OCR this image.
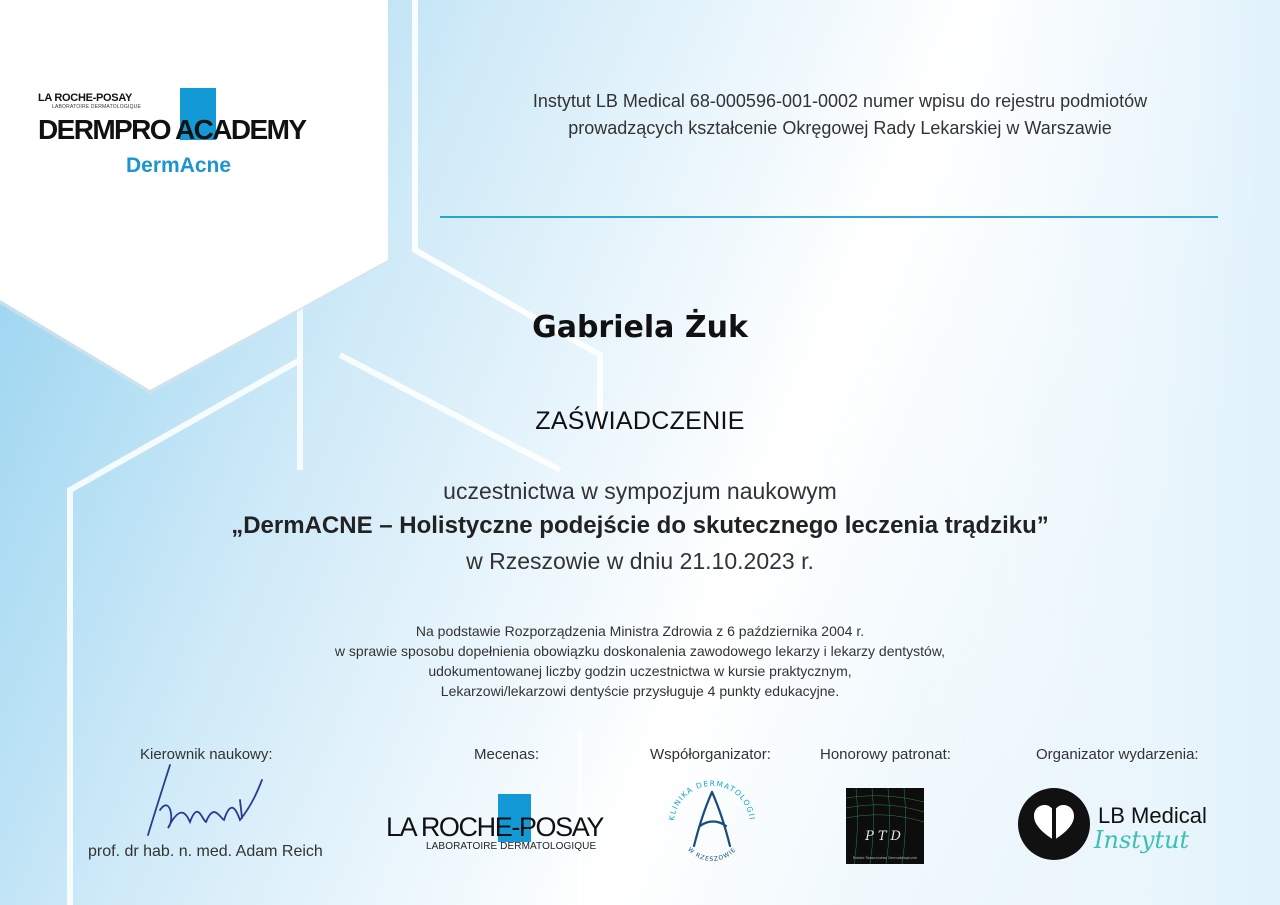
LA ROCHE-POSAY
LABORATOIRE DERMATOLOGIQUE
DERMPRO ACADEMY
DermAcne
Instytut LB Medical 68-000596-001-0002 numer wpisu do rejestru podmiotów
prowadzących kształcenie Okręgowej Rady Lekarskiej w Warszawie
Gabriela Żuk
ZAŚWIADCZENIE
uczestnictwa w sympozjum naukowym
„DermACNE – Holistyczne podejście do skutecznego leczenia trądziku”
w Rzeszowie w dniu 21.10.2023 r.
Na podstawie Rozporządzenia Ministra Zdrowia z 6 października 2004 r.
w sprawie sposobu dopełnienia obowiązku doskonalenia zawodowego lekarzy i lekarzy dentystów,
udokumentowanej liczby godzin uczestnictwa w kursie praktycznym,
Lekarzowi/lekarzowi dentyście przysługuje 4 punkty edukacyjne.
Kierownik naukowy:	Mecenas:	Współorganizator:	Honorowy patronat:	Organizator wydarzenia:
prof. dr hab. n. med. Adam Reich
LA ROCHE-POSAY
LABORATOIRE DERMATOLOGIQUE
KLINIKA DERMATOLOGII
W RZESZOWIE
PTD
Polskie Towarzystwo Dermatologiczne
LB Medical
Instytut
